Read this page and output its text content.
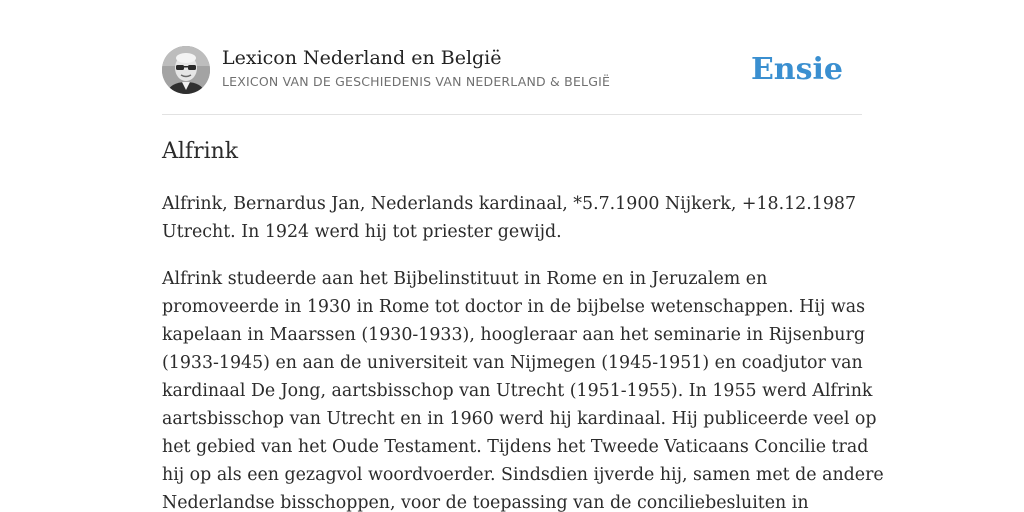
Lexicon Nederland en België
LEXICON VAN DE GESCHIEDENIS VAN NEDERLAND & BELGIË	Ensie
Alfrink

Alfrink, Bernardus Jan, Nederlands kardinaal, *5.7.1900 Nijkerk, +18.12.1987
Utrecht. In 1924 werd hij tot priester gewijd.

Alfrink studeerde aan het Bijbelinstituut in Rome en in Jeruzalem en
promoveerde in 1930 in Rome tot doctor in de bijbelse wetenschappen. Hij was
kapelaan in Maarssen (1930-1933), hoogleraar aan het seminarie in Rijsenburg
(1933-1945) en aan de universiteit van Nijmegen (1945-1951) en coadjutor van
kardinaal De Jong, aartsbisschop van Utrecht (1951-1955). In 1955 werd Alfrink
aartsbisschop van Utrecht en in 1960 werd hij kardinaal. Hij publiceerde veel op
het gebied van het Oude Testament. Tijdens het Tweede Vaticaans Concilie trad
hij op als een gezagvol woordvoerder. Sindsdien ijverde hij, samen met de andere
Nederlandse bisschoppen, voor de toepassing van de conciliebesluiten in
